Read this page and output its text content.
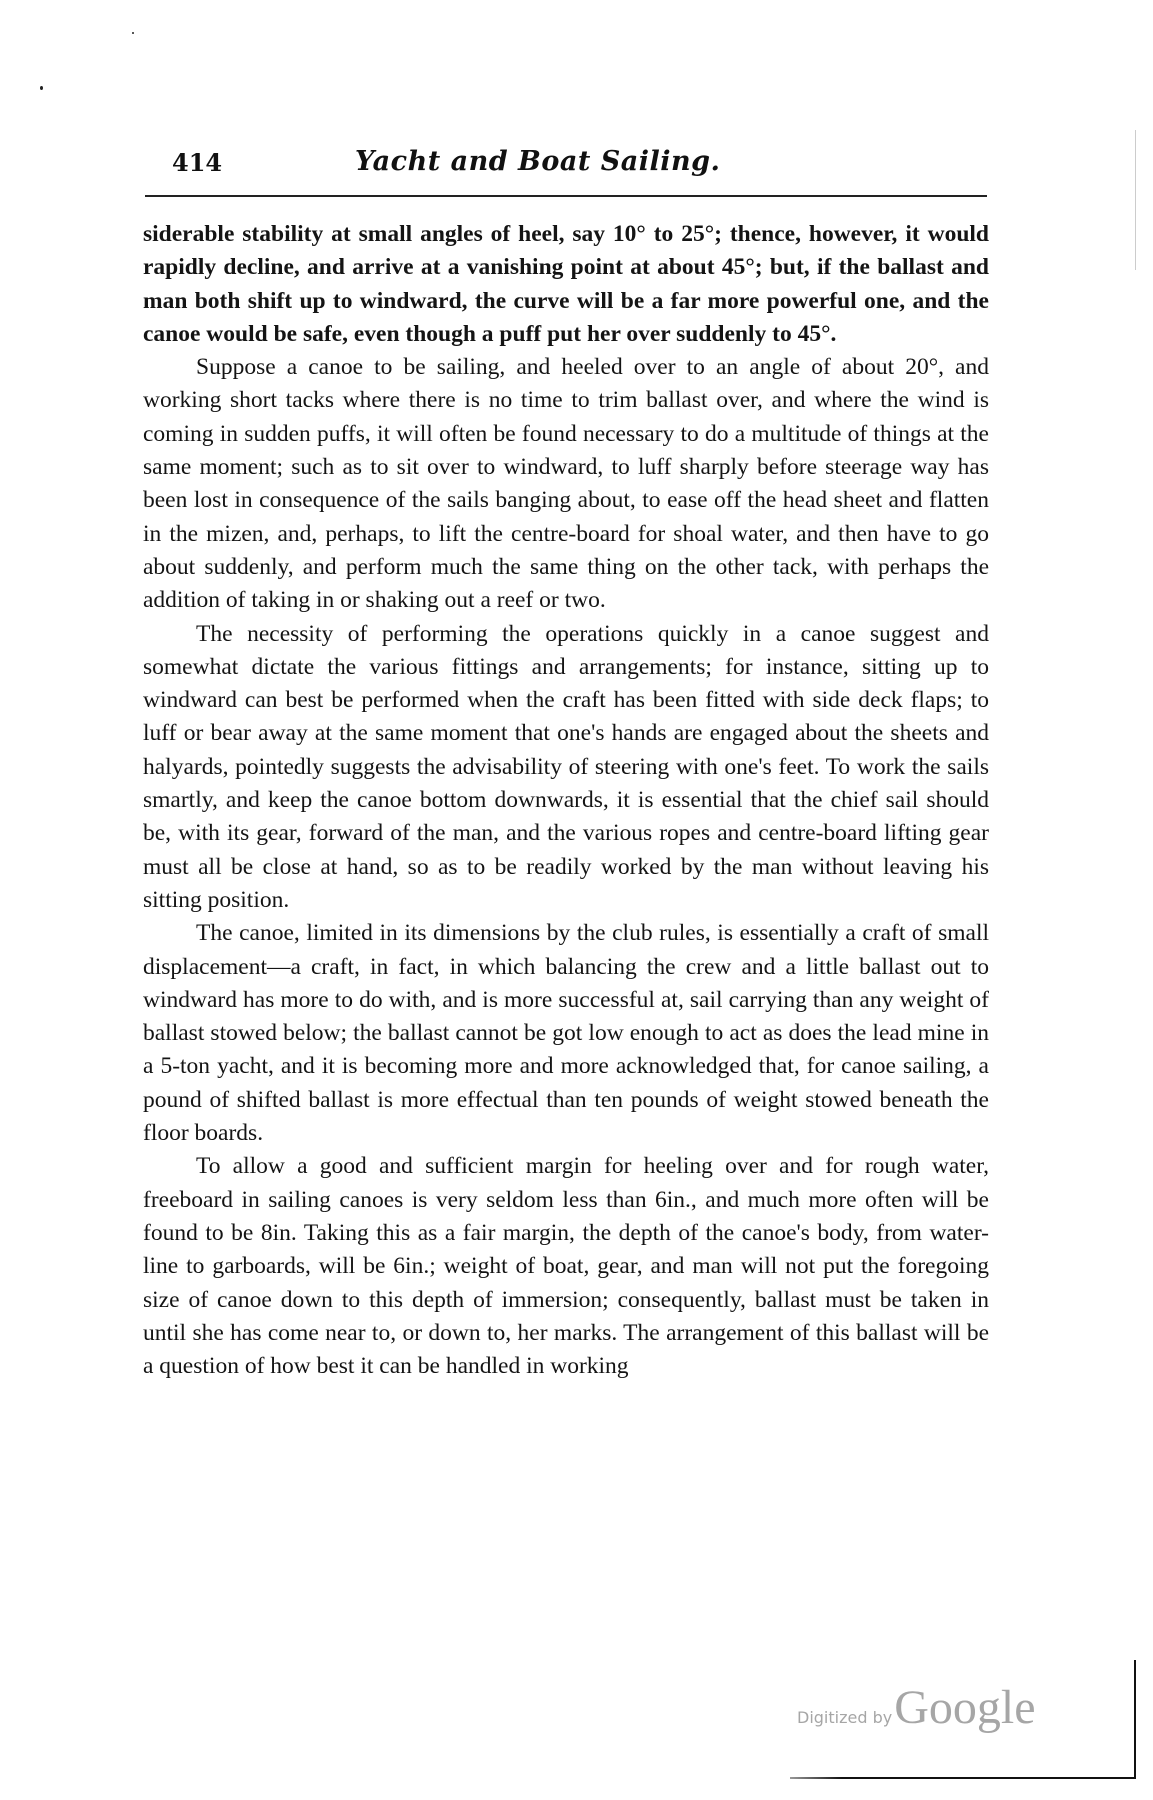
414	Yacht and Boat Sailing.

siderable stability at small angles of heel, say 10° to 25°; thence, however, it would rapidly decline, and arrive at a vanishing point at about 45°; but, if the ballast and man both shift up to windward, the curve will be a far more powerful one, and the canoe would be safe, even though a puff put her over suddenly to 45°.

Suppose a canoe to be sailing, and heeled over to an angle of about 20°, and working short tacks where there is no time to trim ballast over, and where the wind is coming in sudden puffs, it will often be found necessary to do a multitude of things at the same moment; such as to sit over to windward, to luff sharply before steerage way has been lost in consequence of the sails banging about, to ease off the head sheet and flatten in the mizen, and, perhaps, to lift the centre-board for shoal water, and then have to go about suddenly, and perform much the same thing on the other tack, with perhaps the addition of taking in or shaking out a reef or two.

The necessity of performing the operations quickly in a canoe suggest and somewhat dictate the various fittings and arrangements; for instance, sitting up to windward can best be performed when the craft has been fitted with side deck flaps; to luff or bear away at the same moment that one's hands are engaged about the sheets and halyards, pointedly suggests the advisability of steering with one's feet. To work the sails smartly, and keep the canoe bottom downwards, it is essential that the chief sail should be, with its gear, forward of the man, and the various ropes and centre-board lifting gear must all be close at hand, so as to be readily worked by the man without leaving his sitting position.

The canoe, limited in its dimensions by the club rules, is essentially a craft of small displacement—a craft, in fact, in which balancing the crew and a little ballast out to windward has more to do with, and is more successful at, sail carrying than any weight of ballast stowed below; the ballast cannot be got low enough to act as does the lead mine in a 5-ton yacht, and it is becoming more and more acknowledged that, for canoe sailing, a pound of shifted ballast is more effectual than ten pounds of weight stowed beneath the floor boards.

To allow a good and sufficient margin for heeling over and for rough water, freeboard in sailing canoes is very seldom less than 6in., and much more often will be found to be 8in. Taking this as a fair margin, the depth of the canoe's body, from water-line to garboards, will be 6in.; weight of boat, gear, and man will not put the foregoing size of canoe down to this depth of immersion; consequently, ballast must be taken in until she has come near to, or down to, her marks. The arrangement of this ballast will be a question of how best it can be handled in working

Digitized byGoogle
